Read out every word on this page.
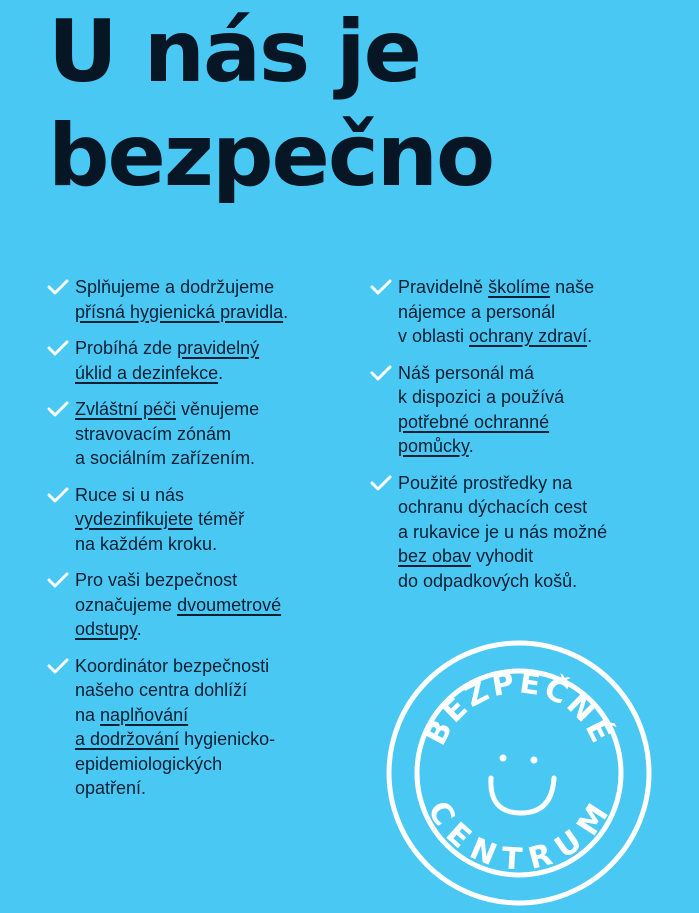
U nás je
bezpečno
Splňujeme a dodržujeme
přísná hygienická pravidla.
Probíhá zde pravidelný
úklid a dezinfekce.
Zvláštní péči věnujeme
stravovacím zónám
a sociálním zařízením.
Ruce si u nás
vydezinfikujete téměř
na každém kroku.
Pro vaši bezpečnost
označujeme dvoumetrové
odstupy.
Koordinátor bezpečnosti
našeho centra dohlíží
na naplňování
a dodržování hygienicko-
epidemiologických
opatření.
Pravidelně školíme naše
nájemce a personál
v oblasti ochrany zdraví.
Náš personál má
k dispozici a používá
potřebné ochranné
pomůcky.
Použité prostředky na
ochranu dýchacích cest
a rukavice je u nás možné
bez obav vyhodit
do odpadkových košů.
BEZPEČNÉ
CENTRUM
